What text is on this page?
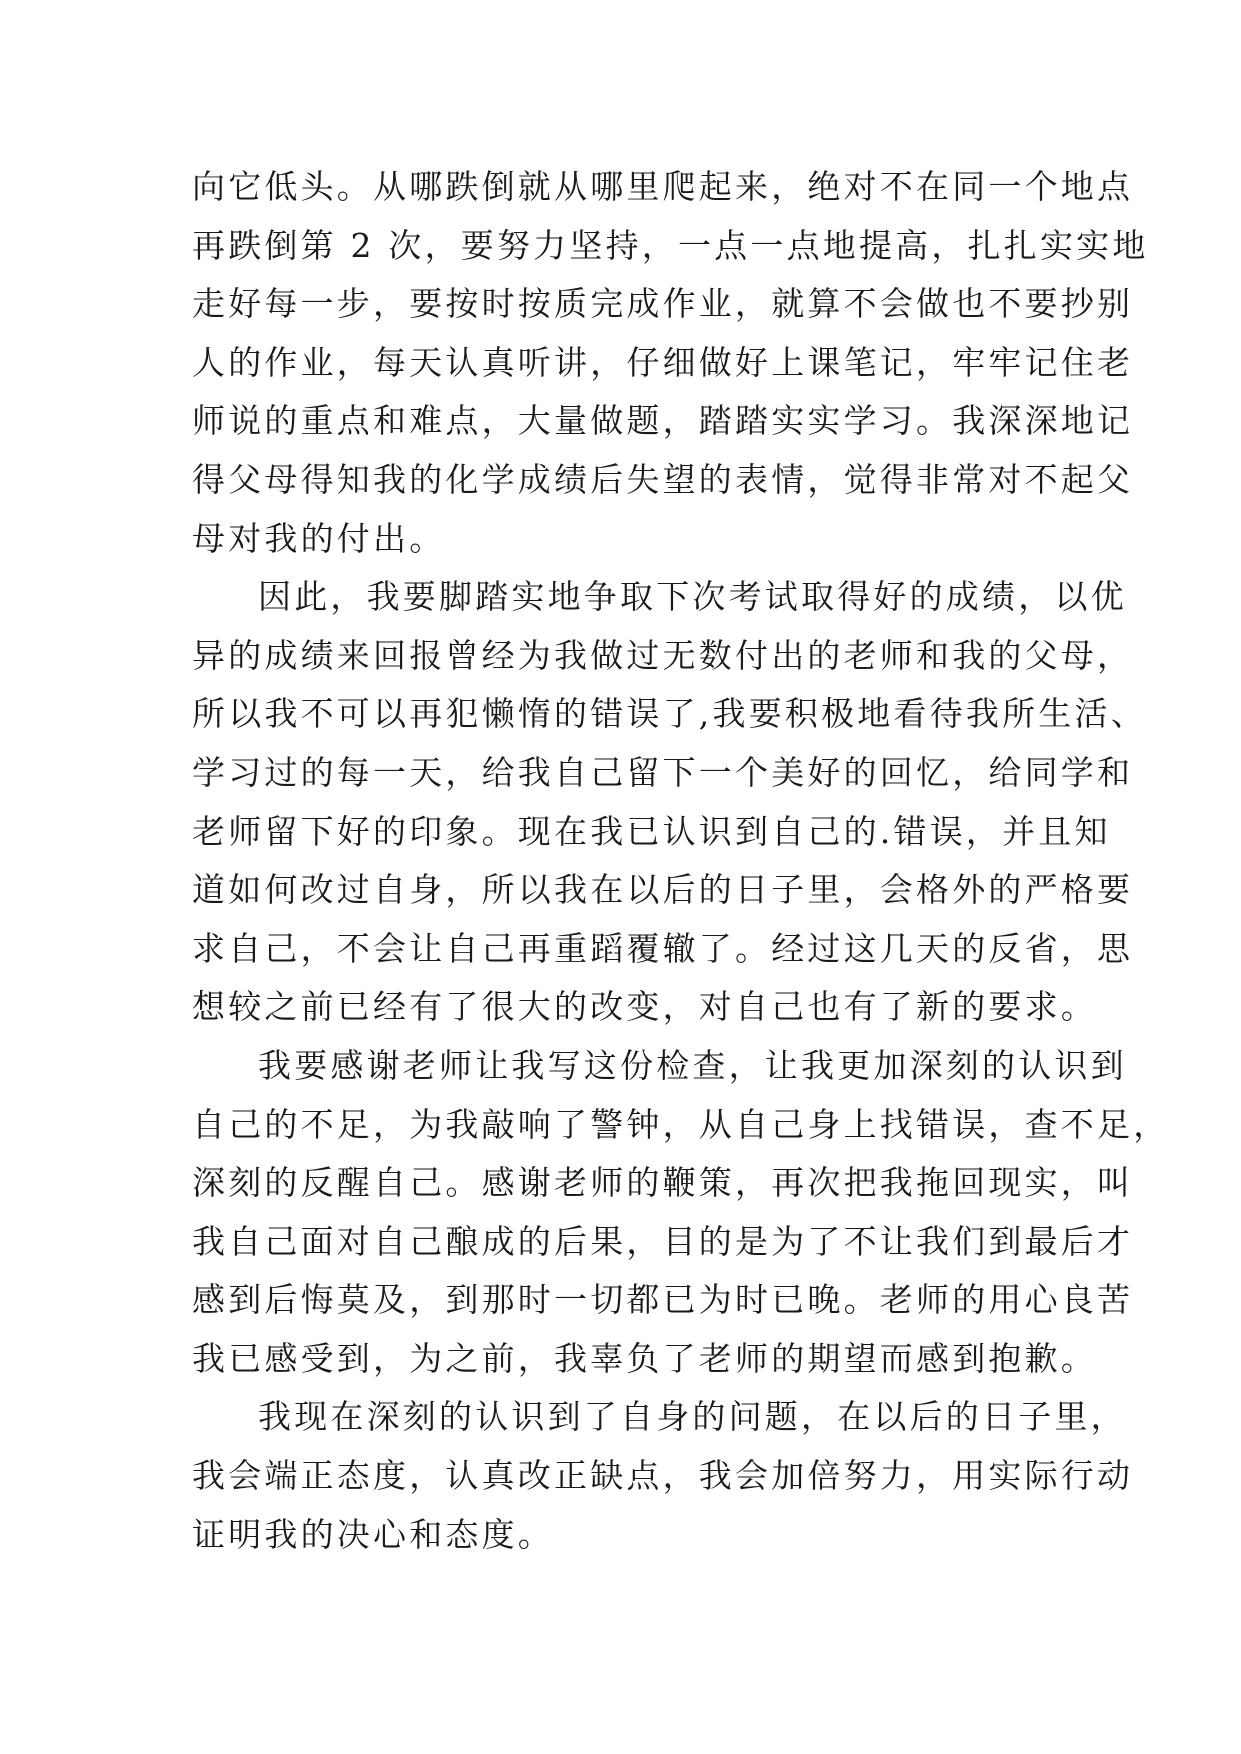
向它低头。从哪跌倒就从哪里爬起来，绝对不在同一个地点
再跌倒第 2 次，要努力坚持，一点一点地提高，扎扎实实地
走好每一步，要按时按质完成作业，就算不会做也不要抄别
人的作业，每天认真听讲，仔细做好上课笔记，牢牢记住老
师说的重点和难点，大量做题，踏踏实实学习。我深深地记
得父母得知我的化学成绩后失望的表情，觉得非常对不起父
母对我的付出。
因此，我要脚踏实地争取下次考试取得好的成绩，以优
异的成绩来回报曾经为我做过无数付出的老师和我的父母，
所以我不可以再犯懒惰的错误了,我要积极地看待我所生活、
学习过的每一天，给我自己留下一个美好的回忆，给同学和
老师留下好的印象。现在我已认识到自己的.错误，并且知
道如何改过自身，所以我在以后的日子里，会格外的严格要
求自己，不会让自己再重蹈覆辙了。经过这几天的反省，思
想较之前已经有了很大的改变，对自己也有了新的要求。
我要感谢老师让我写这份检查，让我更加深刻的认识到
自己的不足，为我敲响了警钟，从自己身上找错误，查不足，
深刻的反醒自己。感谢老师的鞭策，再次把我拖回现实，叫
我自己面对自己酿成的后果，目的是为了不让我们到最后才
感到后悔莫及，到那时一切都已为时已晚。老师的用心良苦
我已感受到，为之前，我辜负了老师的期望而感到抱歉。
我现在深刻的认识到了自身的问题，在以后的日子里，
我会端正态度，认真改正缺点，我会加倍努力，用实际行动
证明我的决心和态度。
